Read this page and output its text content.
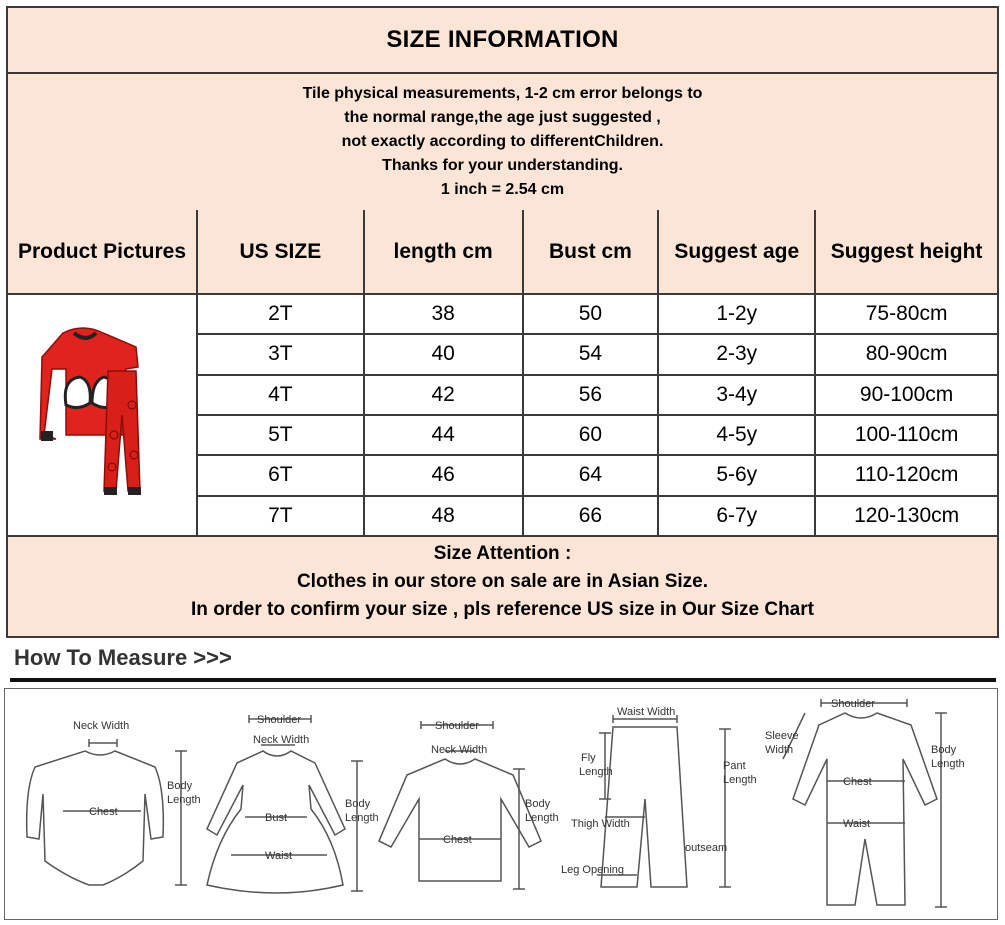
SIZE INFORMATION
Tile physical measurements, 1-2 cm error belongs to
the normal range,the age just suggested ,
not exactly according to differentChildren.
Thanks for your understanding.
1 inch = 2.54 cm
Product Pictures	US SIZE	length cm	Bust cm	Suggest age	Suggest height
	2T	38	50	1-2y	75-80cm
	3T	40	54	2-3y	80-90cm
	4T	42	56	3-4y	90-100cm
	5T	44	60	4-5y	100-110cm
	6T	46	64	5-6y	110-120cm
	7T	48	66	6-7y	120-130cm
Size Attention :
Clothes in our store on sale are in Asian Size.
In order to confirm your size , pls reference US size in Our Size Chart
How To Measure >>>
Neck Width
Chest
Body
Length
Shoulder
Neck Width
Bust
Waist
Body
Length
Shoulder
Neck Width
Chest
Body
Length
Waist Width
Fly
Length	Pant
Length
Thigh Width
outseam
Leg Opening
Shoulder
Sleeve
Width
Chest
Waist
Body
Length
